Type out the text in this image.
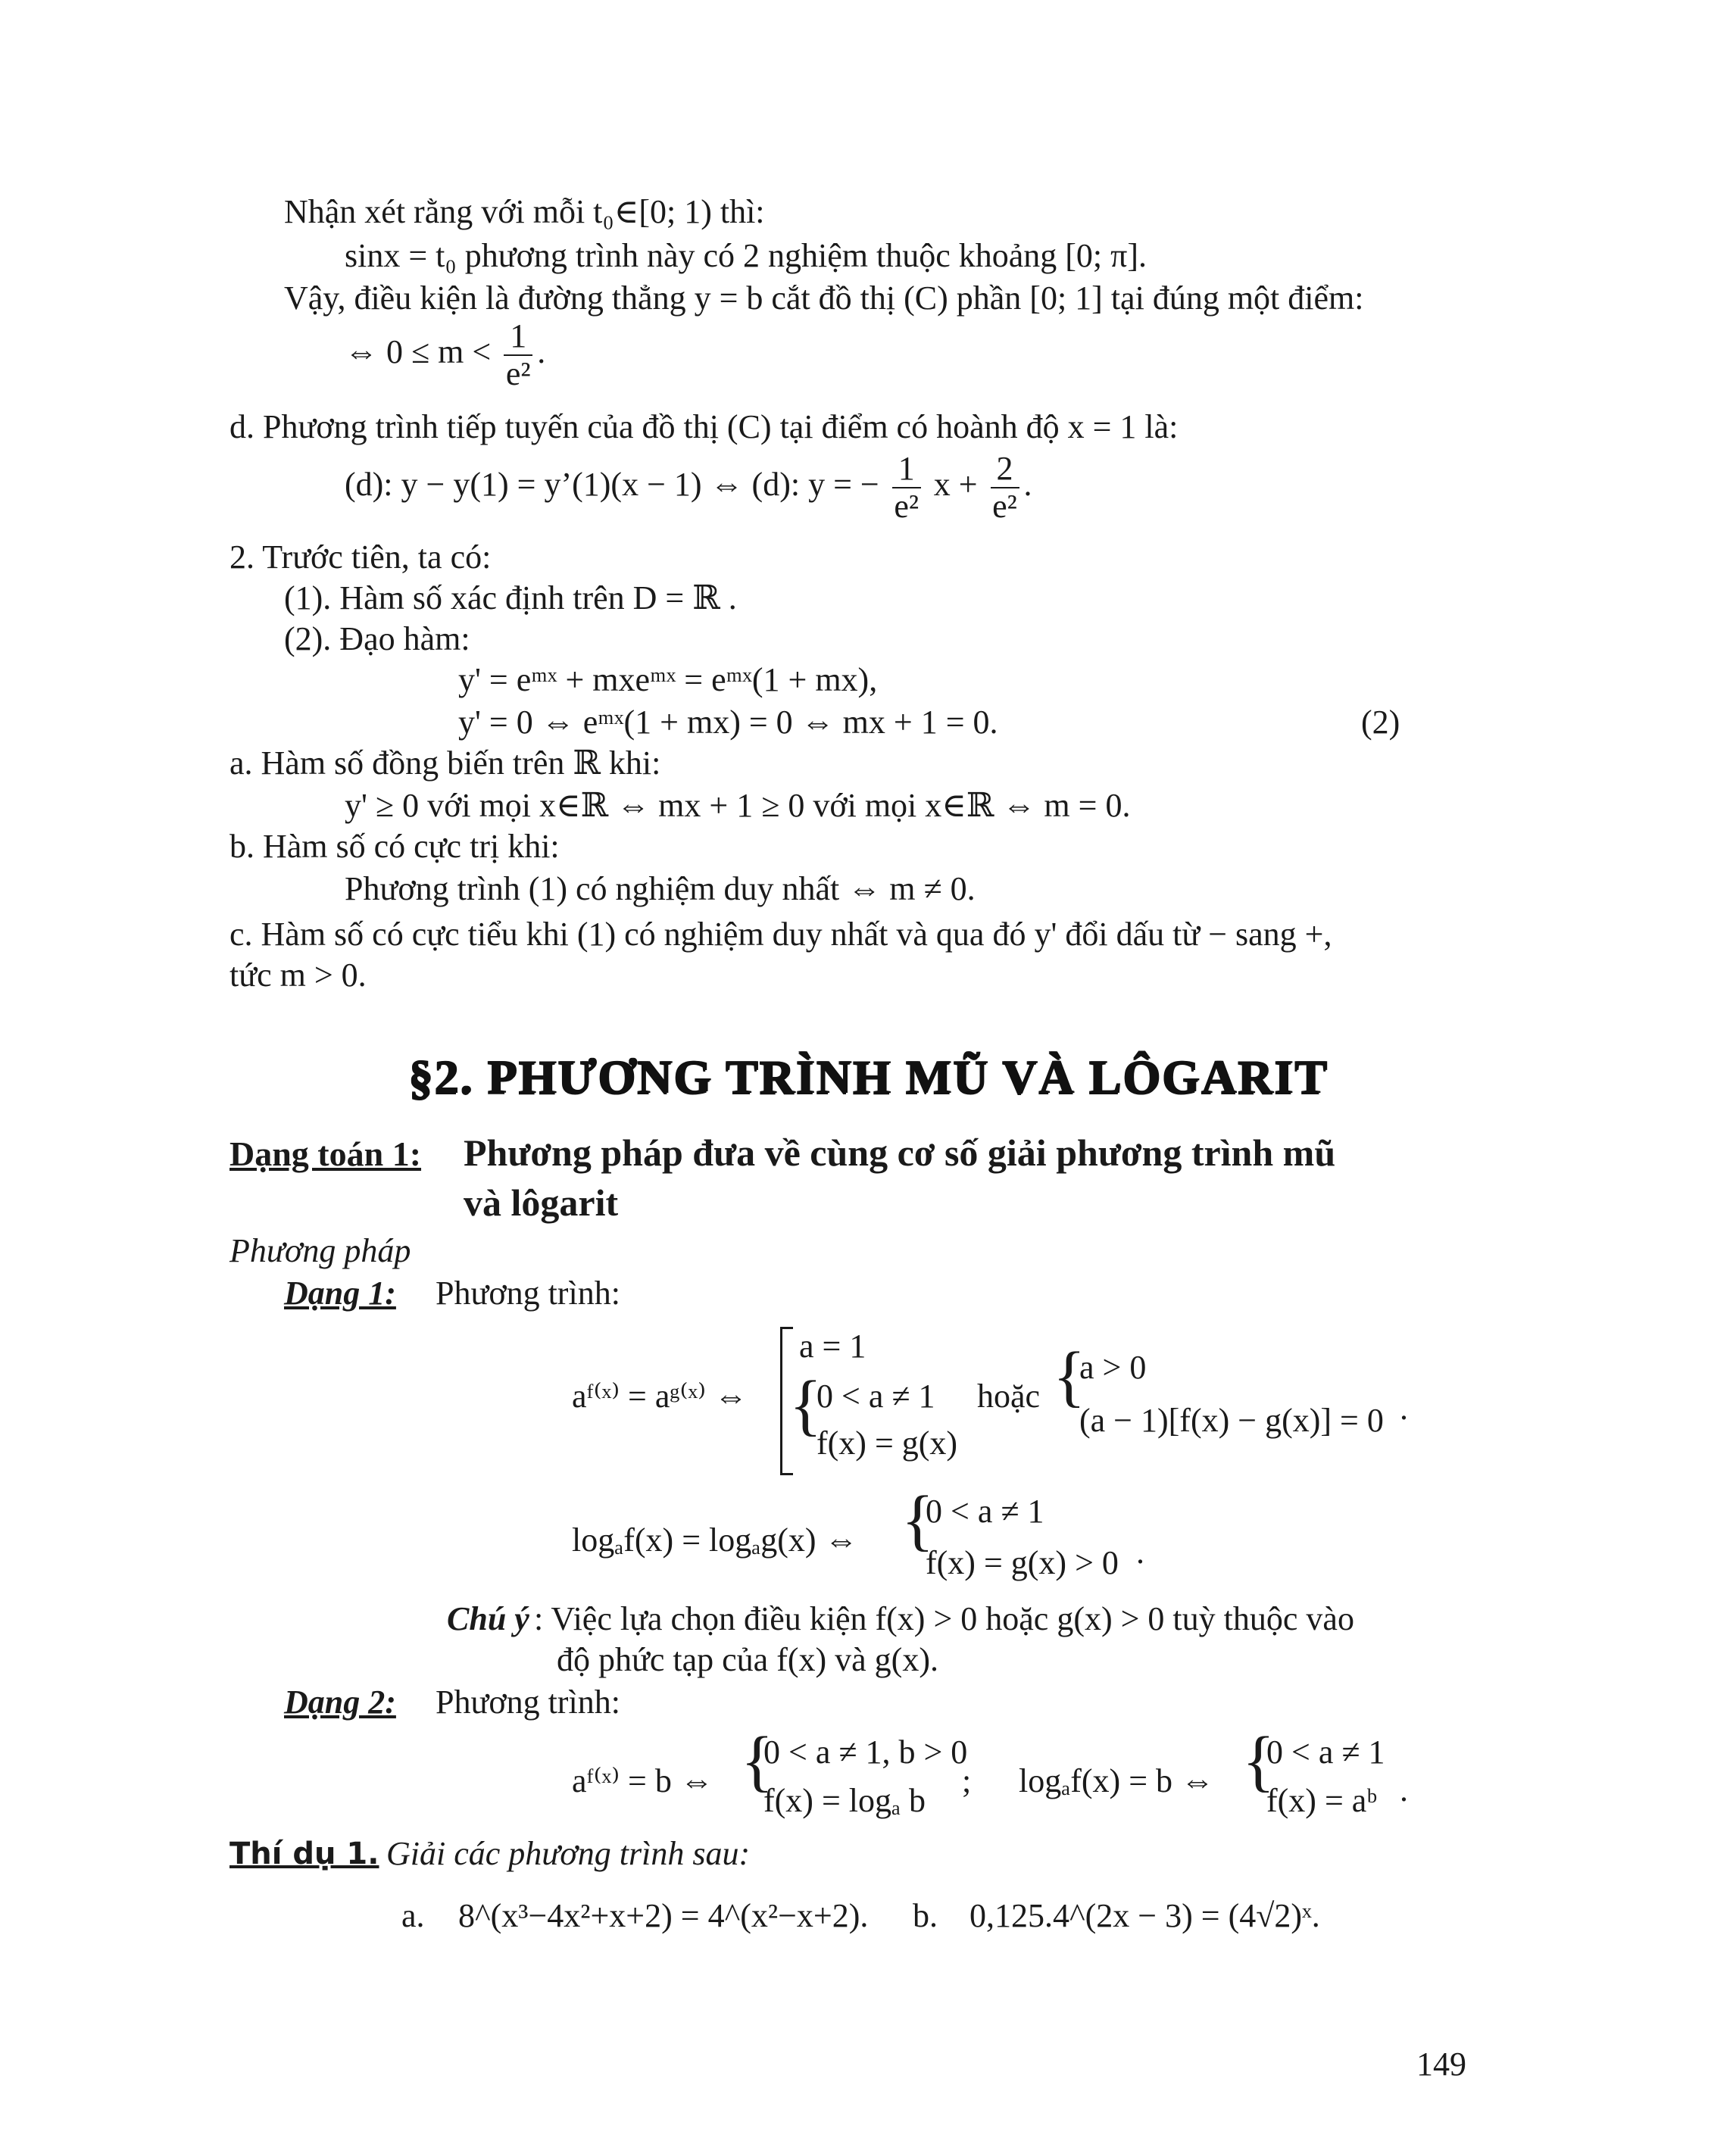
Nhận xét rằng với mỗi t₀∈[0; 1) thì:
sinx = t₀ phương trình này có 2 nghiệm thuộc khoảng [0; π].
Vậy, điều kiện là đường thẳng y = b cắt đồ thị (C) phần [0; 1] tại đúng một điểm:
⇔ $0 \le m < \frac{1}{\text{e²}}$ .
d. Phương trình tiếp tuyến của đồ thị (C) tại điểm có hoành độ x = 1 là:
(d): y − y(1) = y’(1)(x − 1) ⇔ (d): y = − $\frac{1}{\text{e²}}$ $x + \frac{2}{\text{e²}}$ .
2. Trước tiên, ta có:
(1). Hàm số xác định trên D = ℝ .
(2). Đạo hàm:
y' = eᵐˣ + mxeᵐˣ = eᵐˣ(1 + mx),
y' = 0 ⇔ eᵐˣ(1 + mx) = 0 ⇔ mx + 1 = 0.	(2)
a. Hàm số đồng biến trên ℝ khi:
y' ≥ 0 với mọi x∈ℝ ⇔ mx + 1 ≥ 0 với mọi x∈ℝ ⇔ m = 0.
b. Hàm số có cực trị khi:
Phương trình (1) có nghiệm duy nhất ⇔ m ≠ 0.
c. Hàm số có cực tiểu khi (1) có nghiệm duy nhất và qua đó y' đổi dấu từ − sang +,
tức m > 0.
§2. PHƯƠNG TRÌNH MŨ VÀ LÔGARIT
Dạng toán 1: Phương pháp đưa về cùng cơ số giải phương trình mũ
và lôgarit
Phương pháp
Dạng 1: Phương trình:
aᶠ⁽ˣ⁾ = aᵍ⁽ˣ⁾ ⇔
a = 1
{
0 < a ≠ 1
f(x) = g(x)
hoặc {
a > 0
(a − 1)[f(x) − g(x)] = 0 .
logₐf(x) = logₐg(x) ⇔ {
0 < a ≠ 1
f(x) = g(x) > 0 .
Chú ý : Việc lựa chọn điều kiện f(x) > 0 hoặc g(x) > 0 tuỳ thuộc vào
độ phức tạp của f(x) và g(x).
Dạng 2: Phương trình:
aᶠ⁽ˣ⁾ = b ⇔ {
0 < a ≠ 1, b > 0
f(x) = logₐ b
; logₐf(x) = b ⇔ {
0 < a ≠ 1
f(x) = aᵇ .
Thí dụ 1. Giải các phương trình sau:
a. 8^(x³−4x²+x+2) = 4^(x²−x+2). b. 0,125.4^(2x − 3) = (4√2)ˣ.
149
